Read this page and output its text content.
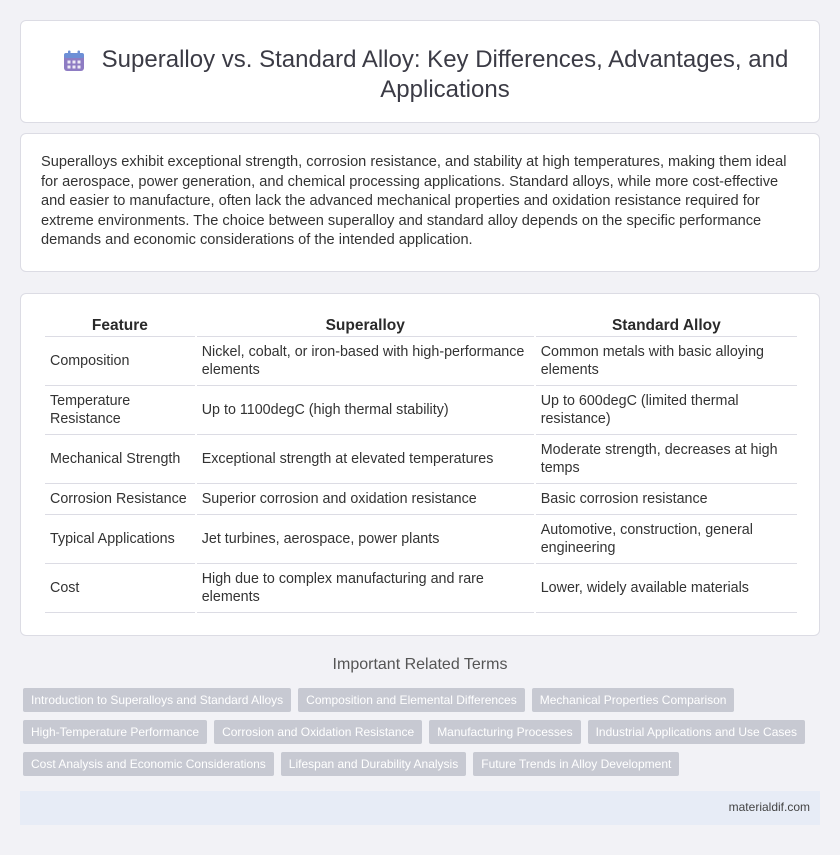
Superalloy vs. Standard Alloy: Key Differences, Advantages, and Applications

Superalloys exhibit exceptional strength, corrosion resistance, and stability at high temperatures, making them ideal for aerospace, power generation, and chemical processing applications. Standard alloys, while more cost-effective and easier to manufacture, often lack the advanced mechanical properties and oxidation resistance required for extreme environments. The choice between superalloy and standard alloy depends on the specific performance demands and economic considerations of the intended application.

Feature	Superalloy	Standard Alloy
Composition	Nickel, cobalt, or iron-based with high-performance elements	Common metals with basic alloying elements
Temperature Resistance	Up to 1100degC (high thermal stability)	Up to 600degC (limited thermal resistance)
Mechanical Strength	Exceptional strength at elevated temperatures	Moderate strength, decreases at high temps
Corrosion Resistance	Superior corrosion and oxidation resistance	Basic corrosion resistance
Typical Applications	Jet turbines, aerospace, power plants	Automotive, construction, general engineering
Cost	High due to complex manufacturing and rare elements	Lower, widely available materials
Important Related Terms
Introduction to Superalloys and Standard Alloys	Composition and Elemental Differences	Mechanical Properties Comparison
High-Temperature Performance	Corrosion and Oxidation Resistance	Manufacturing Processes	Industrial Applications and Use Cases
Cost Analysis and Economic Considerations	Lifespan and Durability Analysis	Future Trends in Alloy Development
materialdif.com
